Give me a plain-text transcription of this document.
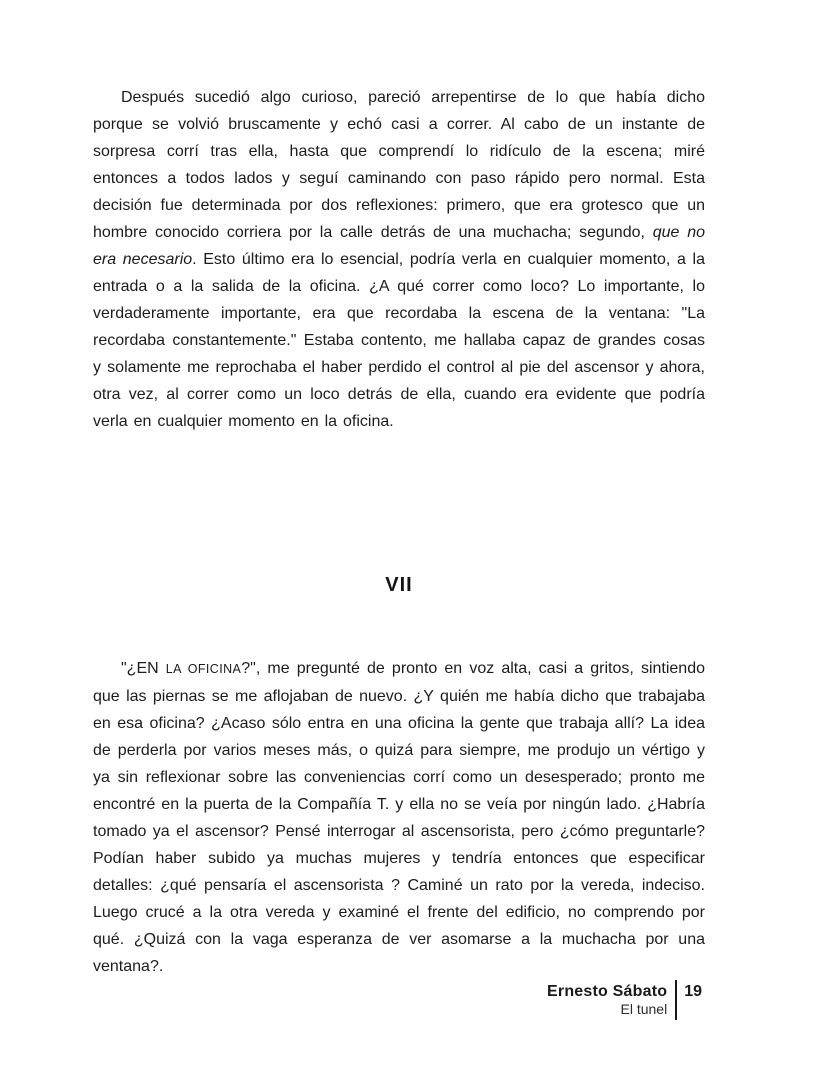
Después sucedió algo curioso, pareció arrepentirse de lo que había dicho porque se volvió bruscamente y echó casi a correr. Al cabo de un instante de sorpresa corrí tras ella, hasta que comprendí lo ridículo de la escena; miré entonces a todos lados y seguí caminando con paso rápido pero normal. Esta decisión fue determinada por dos reflexiones: primero, que era grotesco que un hombre conocido corriera por la calle detrás de una muchacha; segundo, que no era necesario. Esto último era lo esencial, podría verla en cualquier momento, a la entrada o a la salida de la oficina. ¿A qué correr como loco? Lo importante, lo verdaderamente importante, era que recordaba la escena de la ventana: "La recordaba constantemente." Estaba contento, me hallaba capaz de grandes cosas y solamente me reprochaba el haber perdido el control al pie del ascensor y ahora, otra vez, al correr como un loco detrás de ella, cuando era evidente que podría verla en cualquier momento en la oficina.

VII

"¿EN LA OFICINA?", me pregunté de pronto en voz alta, casi a gritos, sintiendo que las piernas se me aflojaban de nuevo. ¿Y quién me había dicho que trabajaba en esa oficina? ¿Acaso sólo entra en una oficina la gente que trabaja allí? La idea de perderla por varios meses más, o quizá para siempre, me produjo un vértigo y ya sin reflexionar sobre las conveniencias corrí como un desesperado; pronto me encontré en la puerta de la Compañía T. y ella no se veía por ningún lado. ¿Habría tomado ya el ascensor? Pensé interrogar al ascensorista, pero ¿cómo preguntarle? Podían haber subido ya muchas mujeres y tendría entonces que especificar detalles: ¿qué pensaría el ascensorista ? Caminé un rato por la vereda, indeciso. Luego crucé a la otra vereda y examiné el frente del edificio, no comprendo por qué. ¿Quizá con la vaga esperanza de ver asomarse a la muchacha por una ventana?.

Ernesto Sábato
El tunel
19
